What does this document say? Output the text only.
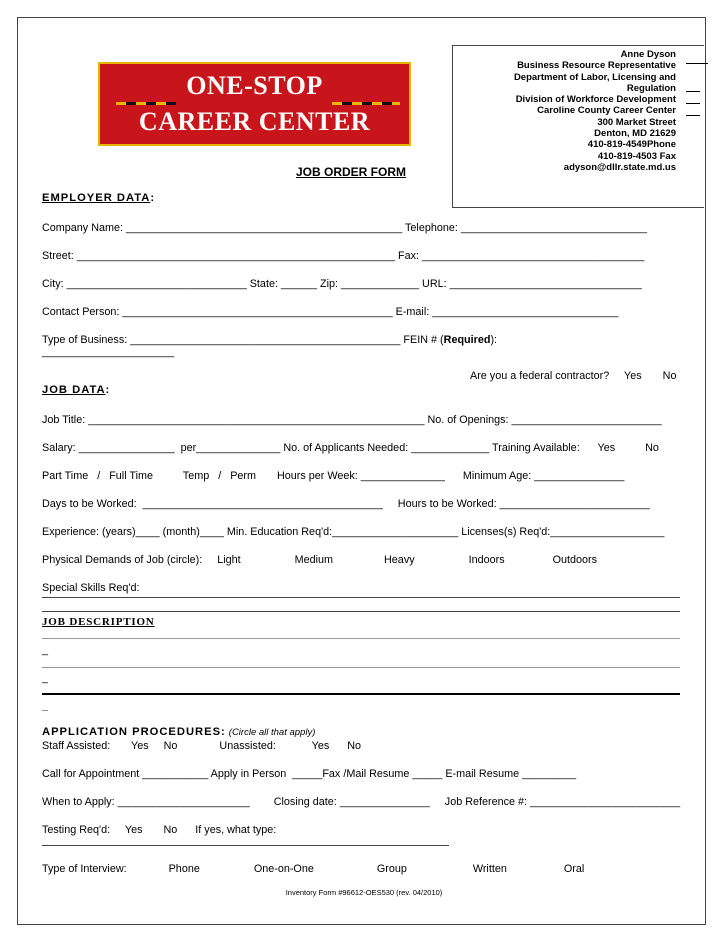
ONE-STOP
CAREER CENTER
Anne Dyson
Business Resource Representative
Department of Labor, Licensing and
Regulation
Division of Workforce Development
Caroline County Career Center
300 Market Street
Denton, MD 21629
410-819-4549Phone
410-819-4503 Fax
adyson@dllr.state.md.us
JOB ORDER FORM
EMPLOYER DATA:
Company Name: ______________________________________________ Telephone: _______________________________
Street: _____________________________________________________ Fax: _____________________________________
City: ______________________________ State: ______ Zip: _____________ URL: ________________________________
Contact Person: _____________________________________________ E-mail: _______________________________
Type of Business: _____________________________________________ FEIN # (Required):
______________________
Are you a federal contractor?     Yes       No
JOB DATA:
Job Title: ________________________________________________________ No. of Openings: _________________________
Salary: ________________  per______________ No. of Applicants Needed: _____________ Training Available:      Yes          No
Part Time   /   Full Time          Temp   /   Perm       Hours per Week: ______________      Minimum Age: _______________
Days to be Worked:  ________________________________________     Hours to be Worked: _________________________
Experience: (years)____ (month)____ Min. Education Req'd:_____________________ Licenses(s) Req'd:___________________
Physical Demands of Job (circle):     Light                  Medium                 Heavy                  Indoors                Outdoors
Special Skills Req'd:
JOB DESCRIPTION
_
_
_
APPLICATION PROCEDURES: (Circle all that apply)
Staff Assisted:       Yes     No              Unassisted:            Yes      No
Call for Appointment ___________ Apply in Person  _____Fax /Mail Resume _____ E-mail Resume _________
When to Apply: ______________________        Closing date: _______________     Job Reference #: _________________________
Testing Req'd:     Yes       No      If yes, what type:
Type of Interview:              Phone                  One-on-One                     Group                      Written                   Oral
Inventory Form #96612-OES530 (rev. 04/2010)
